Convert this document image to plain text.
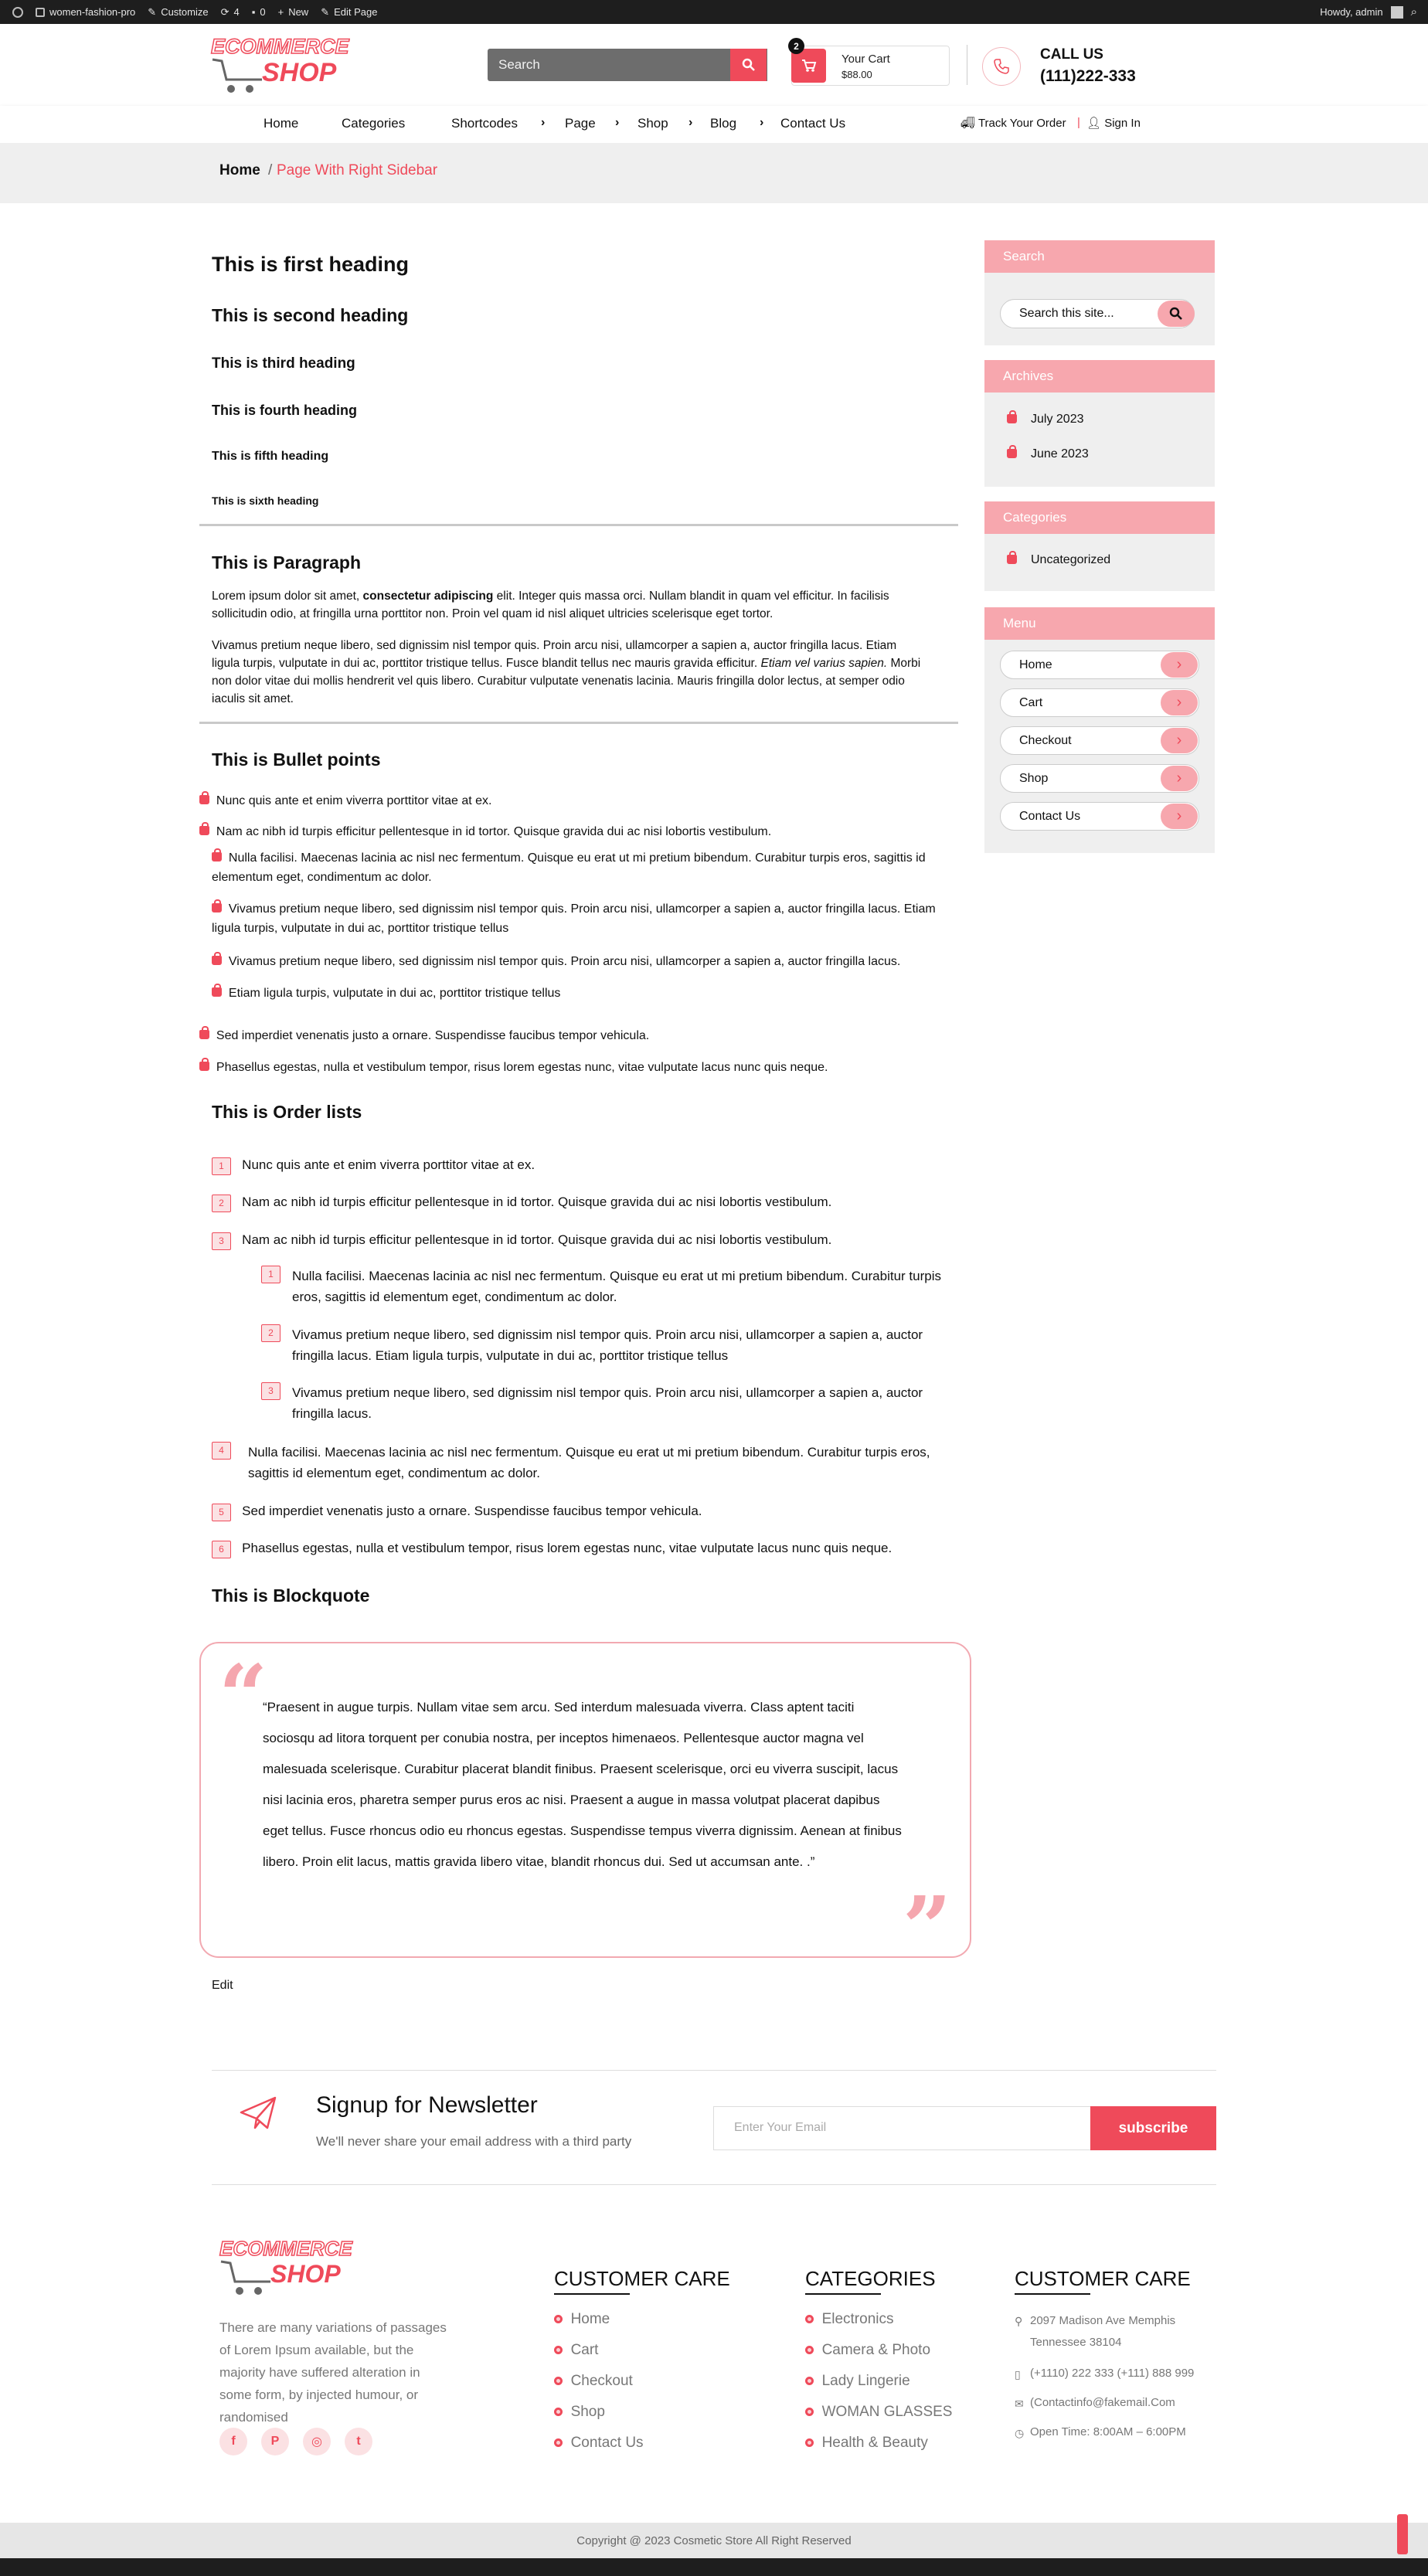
women-fashion-pro ✎ Customize ⟳ 4 ▪ 0 + New ✎ Edit Page	Howdy, admin ⌕
ECOMMERCE
SHOP	Search
2
Your Cart
$88.00
CALL US
(111)222-333
Home	Categories	Shortcodes › Page › Shop › Blog › Contact Us	🚚︎ Track Your Order | 👤︎ Sign In
Home / Page With Right Sidebar
This is first heading
This is second heading
This is third heading
This is fourth heading
This is fifth heading
This is sixth heading
This is Paragraph
Lorem ipsum dolor sit amet, consectetur adipiscing elit. Integer quis massa orci. Nullam blandit in quam vel efficitur. In facilisis sollicitudin odio, at fringilla urna porttitor non. Proin vel quam id nisl aliquet ultricies scelerisque eget tortor.
Vivamus pretium neque libero, sed dignissim nisl tempor quis. Proin arcu nisi, ullamcorper a sapien a, auctor fringilla lacus. Etiam ligula turpis, vulputate in dui ac, porttitor tristique tellus. Fusce blandit tellus nec mauris gravida efficitur. Etiam vel varius sapien. Morbi non dolor vitae dui mollis hendrerit vel quis libero. Curabitur vulputate venenatis lacinia. Mauris fringilla dolor lectus, at semper odio iaculis sit amet.
This is Bullet points
Nunc quis ante et enim viverra porttitor vitae at ex.
Nam ac nibh id turpis efficitur pellentesque in id tortor. Quisque gravida dui ac nisi lobortis vestibulum.
Nulla facilisi. Maecenas lacinia ac nisl nec fermentum. Quisque eu erat ut mi pretium bibendum. Curabitur turpis eros, sagittis id elementum eget, condimentum ac dolor.
Vivamus pretium neque libero, sed dignissim nisl tempor quis. Proin arcu nisi, ullamcorper a sapien a, auctor fringilla lacus. Etiam ligula turpis, vulputate in dui ac, porttitor tristique tellus
Vivamus pretium neque libero, sed dignissim nisl tempor quis. Proin arcu nisi, ullamcorper a sapien a, auctor fringilla lacus.
Etiam ligula turpis, vulputate in dui ac, porttitor tristique tellus
Sed imperdiet venenatis justo a ornare. Suspendisse faucibus tempor vehicula.
Phasellus egestas, nulla et vestibulum tempor, risus lorem egestas nunc, vitae vulputate lacus nunc quis neque.
This is Order lists
1 Nunc quis ante et enim viverra porttitor vitae at ex.
2 Nam ac nibh id turpis efficitur pellentesque in id tortor. Quisque gravida dui ac nisi lobortis vestibulum.
3 Nam ac nibh id turpis efficitur pellentesque in id tortor. Quisque gravida dui ac nisi lobortis vestibulum.
1	Nulla facilisi. Maecenas lacinia ac nisl nec fermentum. Quisque eu erat ut mi pretium bibendum. Curabitur turpis eros, sagittis id elementum eget, condimentum ac dolor.
2	Vivamus pretium neque libero, sed dignissim nisl tempor quis. Proin arcu nisi, ullamcorper a sapien a, auctor fringilla lacus. Etiam ligula turpis, vulputate in dui ac, porttitor tristique tellus
3	Vivamus pretium neque libero, sed dignissim nisl tempor quis. Proin arcu nisi, ullamcorper a sapien a, auctor fringilla lacus.
4	Nulla facilisi. Maecenas lacinia ac nisl nec fermentum. Quisque eu erat ut mi pretium bibendum. Curabitur turpis eros, sagittis id elementum eget, condimentum ac dolor.
5 Sed imperdiet venenatis justo a ornare. Suspendisse faucibus tempor vehicula.
6 Phasellus egestas, nulla et vestibulum tempor, risus lorem egestas nunc, vitae vulputate lacus nunc quis neque.
This is Blockquote
“
“Praesent in augue turpis. Nullam vitae sem arcu. Sed interdum malesuada viverra. Class aptent taciti sociosqu ad litora torquent per conubia nostra, per inceptos himenaeos. Pellentesque auctor magna vel malesuada scelerisque. Curabitur placerat blandit finibus. Praesent scelerisque, orci eu viverra suscipit, lacus nisi lacinia eros, pharetra semper purus eros ac nisi. Praesent a augue in massa volutpat placerat dapibus eget tellus. Fusce rhoncus odio eu rhoncus egestas. Suspendisse tempus viverra dignissim. Aenean at finibus libero. Proin elit lacus, mattis gravida libero vitae, blandit rhoncus dui. Sed ut accumsan ante. .”
”
Edit
Search
Search this site...
Archives
July 2023
June 2023
Categories
Uncategorized
Menu
Home	›
Cart	›
Checkout	›
Shop	›
Contact Us	›
Signup for Newsletter
We'll never share your email address with a third party
Enter Your Email	subscribe
ECOMMERCE
SHOP
There are many variations of passages of Lorem Ipsum available, but the majority have suffered alteration in some form, by injected humour, or randomised
f	P	◎	t
CUSTOMER CARE
Home
Cart
Checkout
Shop
Contact Us
CATEGORIES
Electronics
Camera & Photo
Lady Lingerie
WOMAN GLASSES
Health & Beauty
CUSTOMER CARE
⚲ 2097 Madison Ave Memphis Tennessee 38104
▯ (+1110) 222 333 (+111) 888 999
✉ (Contactinfo@fakemail.Com
◷ Open Time: 8:00AM – 6:00PM
Copyright @ 2023 Cosmetic Store All Right Reserved
